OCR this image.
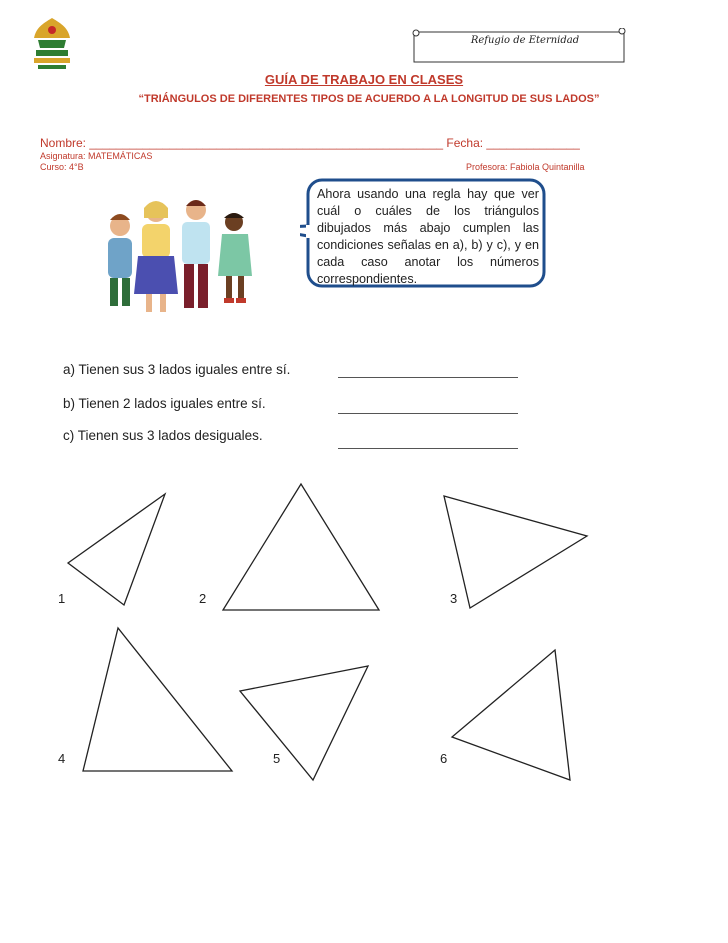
Refugio de Eternidad
GUÍA DE TRABAJO EN CLASES
“TRIÁNGULOS DE DIFERENTES TIPOS DE ACUERDO A LA LONGITUD DE SUS LADOS”
Nombre: _____________________________________________________ Fecha: ______________
Asignatura: MATEMÁTICAS
Curso: 4°B	Profesora: Fabiola Quintanilla
Ahora usando una regla hay que ver cuál o cuáles de los triángulos dibujados más abajo cumplen las condiciones señalas en a), b) y c), y en cada caso anotar los números correspondientes.
a) Tienen sus 3 lados iguales entre sí.
b) Tienen 2 lados iguales entre sí.
c) Tienen sus 3 lados desiguales.
1	2	3
4	5	6
